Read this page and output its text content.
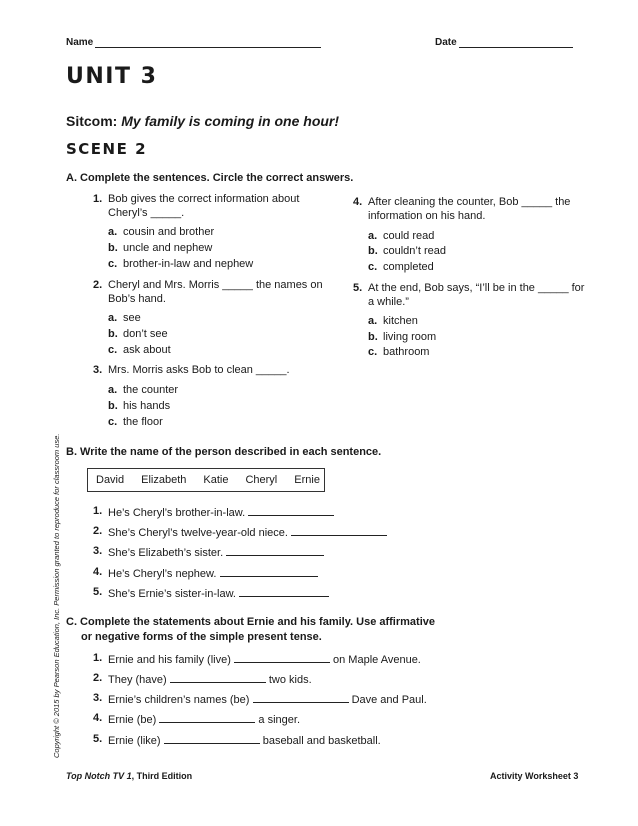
Name	Date
UNIT 3
Sitcom: My family is coming in one hour!
SCENE 2
A. Complete the sentences. Circle the correct answers.
1. Bob gives the correct information about
Cheryl’s _____.
a. cousin and brother
b. uncle and nephew
c. brother-in-law and nephew
2. Cheryl and Mrs. Morris _____ the names on
Bob’s hand.
a. see
b. don’t see
c. ask about
3. Mrs. Morris asks Bob to clean _____.
a. the counter
b. his hands
c. the floor
4. After cleaning the counter, Bob _____ the
information on his hand.
a. could read
b. couldn’t read
c. completed
5. At the end, Bob says, “I’ll be in the _____ for
a while.”
a. kitchen
b. living room
c. bathroom
B. Write the name of the person described in each sentence.
David Elizabeth Katie Cheryl Ernie
1. He’s Cheryl’s brother-in-law.
2. She’s Cheryl’s twelve-year-old niece.
3. She’s Elizabeth’s sister.
4. He’s Cheryl’s nephew.
5. She’s Ernie’s sister-in-law.
C. Complete the statements about Ernie and his family. Use affirmative
or negative forms of the simple present tense.
1. Ernie and his family (live)	on Maple Avenue.
2. They (have)	two kids.
3. Ernie’s children’s names (be)	Dave and Paul.
4. Ernie (be)	a singer.
5. Ernie (like)	baseball and basketball.
Copyright © 2015 by Pearson Education, Inc. Permission granted to reproduce for classroom use.
Top Notch TV 1, Third Edition	Activity Worksheet 3
